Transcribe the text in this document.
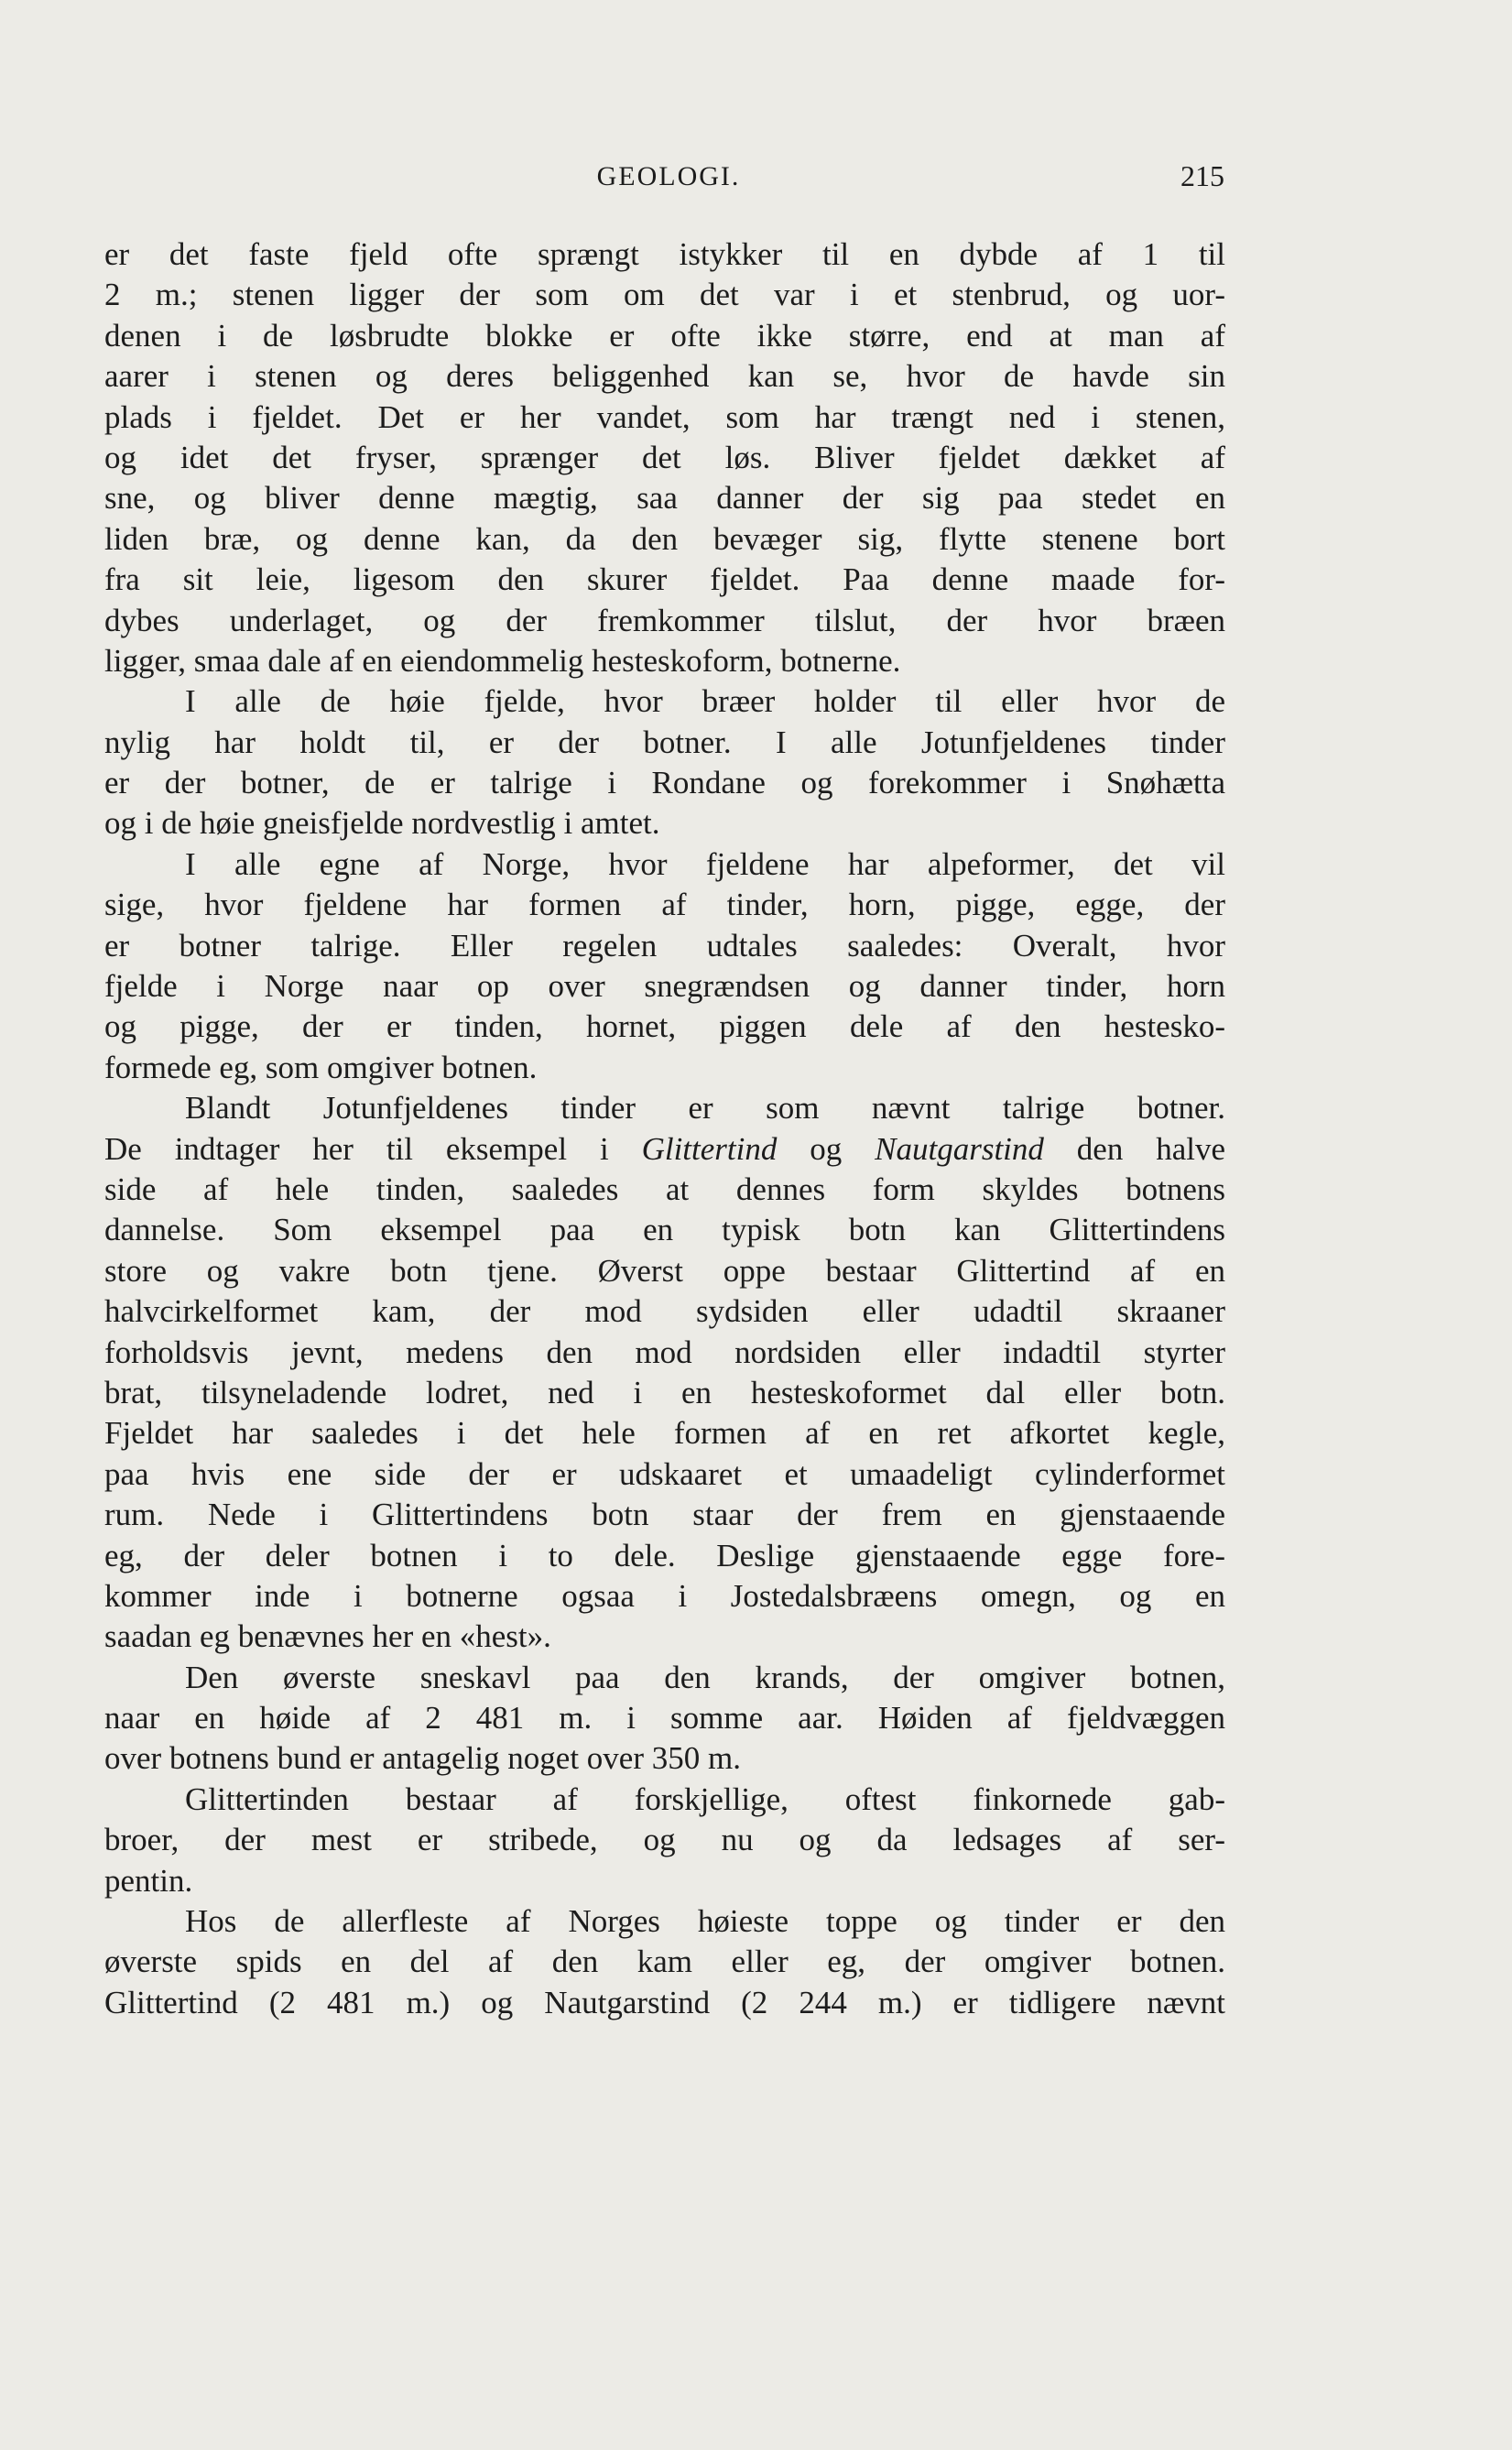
GEOLOGI.	215
er det faste fjeld ofte sprængt istykker til en dybde af 1 til
2 m.; stenen ligger der som om det var i et stenbrud, og uor-
denen i de løsbrudte blokke er ofte ikke større, end at man af
aarer i stenen og deres beliggenhed kan se, hvor de havde sin
plads i fjeldet. Det er her vandet, som har trængt ned i stenen,
og idet det fryser, sprænger det løs. Bliver fjeldet dækket af
sne, og bliver denne mægtig, saa danner der sig paa stedet en
liden bræ, og denne kan, da den bevæger sig, flytte stenene bort
fra sit leie, ligesom den skurer fjeldet. Paa denne maade for-
dybes underlaget, og der fremkommer tilslut, der hvor bræen
ligger, smaa dale af en eiendommelig hesteskoform, botnerne.
I alle de høie fjelde, hvor bræer holder til eller hvor de
nylig har holdt til, er der botner. I alle Jotunfjeldenes tinder
er der botner, de er talrige i Rondane og forekommer i Snøhætta
og i de høie gneisfjelde nordvestlig i amtet.
I alle egne af Norge, hvor fjeldene har alpeformer, det vil
sige, hvor fjeldene har formen af tinder, horn, pigge, egge, der
er botner talrige. Eller regelen udtales saaledes: Overalt, hvor
fjelde i Norge naar op over snegrændsen og danner tinder, horn
og pigge, der er tinden, hornet, piggen dele af den hestesko-
formede eg, som omgiver botnen.
Blandt Jotunfjeldenes tinder er som nævnt talrige botner.
De indtager her til eksempel i Glittertind og Nautgarstind den halve
side af hele tinden, saaledes at dennes form skyldes botnens
dannelse. Som eksempel paa en typisk botn kan Glittertindens
store og vakre botn tjene. Øverst oppe bestaar Glittertind af en
halvcirkelformet kam, der mod sydsiden eller udadtil skraaner
forholdsvis jevnt, medens den mod nordsiden eller indadtil styrter
brat, tilsyneladende lodret, ned i en hesteskoformet dal eller botn.
Fjeldet har saaledes i det hele formen af en ret afkortet kegle,
paa hvis ene side der er udskaaret et umaadeligt cylinderformet
rum. Nede i Glittertindens botn staar der frem en gjenstaaende
eg, der deler botnen i to dele. Deslige gjenstaaende egge fore-
kommer inde i botnerne ogsaa i Jostedalsbræens omegn, og en
saadan eg benævnes her en «hest».
Den øverste sneskavl paa den krands, der omgiver botnen,
naar en høide af 2 481 m. i somme aar. Høiden af fjeldvæggen
over botnens bund er antagelig noget over 350 m.
Glittertinden bestaar af forskjellige, oftest finkornede gab-
broer, der mest er stribede, og nu og da ledsages af ser-
pentin.
Hos de allerfleste af Norges høieste toppe og tinder er den
øverste spids en del af den kam eller eg, der omgiver botnen.
Glittertind (2 481 m.) og Nautgarstind (2 244 m.) er tidligere nævnt
